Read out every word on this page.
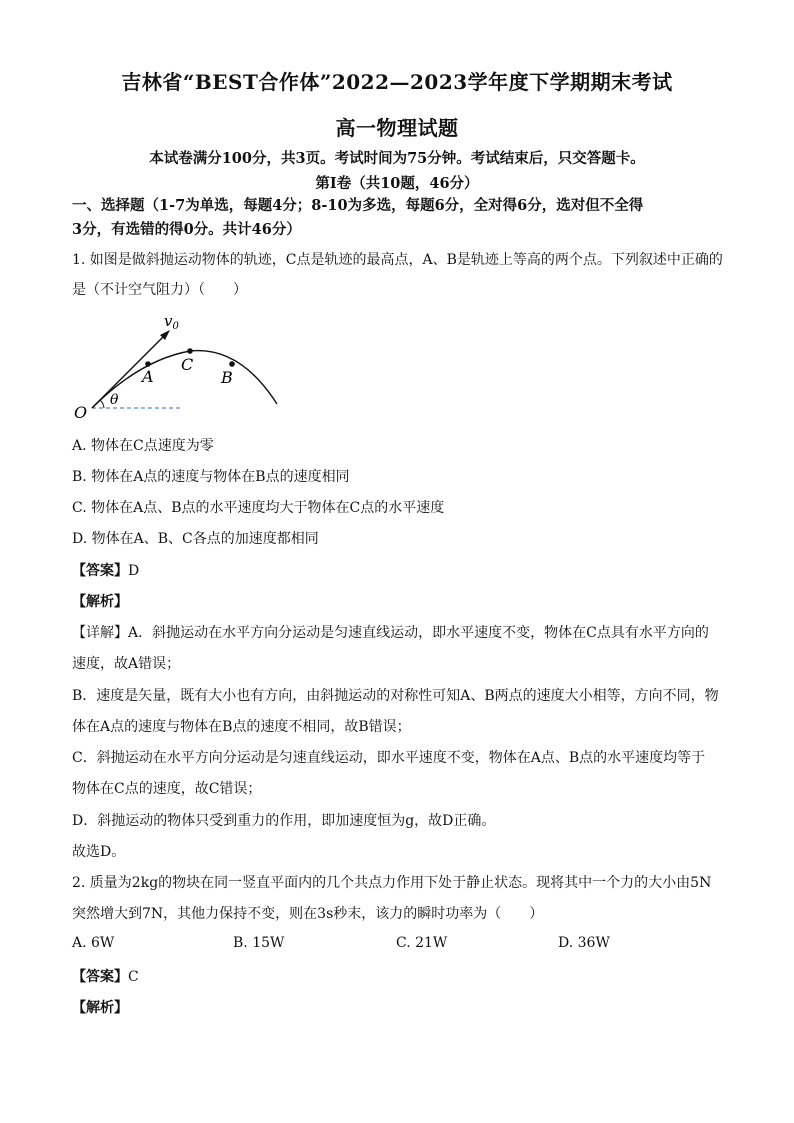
吉林省“BEST合作体”2022—2023学年度下学期期末考试
高一物理试题
本试卷满分100分，共3页。考试时间为75分钟。考试结束后，只交答题卡。
第I卷（共10题，46分）
一、选择题（1-7为单选，每题4分；8-10为多选，每题6分，全对得6分，选对但不全得
3分，有选错的得0分。共计46分）
1. 如图是做斜抛运动物体的轨迹，C点是轨迹的最高点，A、B是轨迹上等高的两个点。下列叙述中正确的
是（不计空气阻力）（　　）
$v_0$
A
C
B
O
θ
A. 物体在C点速度为零
B. 物体在A点的速度与物体在B点的速度相同
C. 物体在A点、B点的水平速度均大于物体在C点的水平速度
D. 物体在A、B、C各点的加速度都相同
【答案】D
【解析】
【详解】A．斜抛运动在水平方向分运动是匀速直线运动，即水平速度不变，物体在C点具有水平方向的
速度，故A错误；
B．速度是矢量，既有大小也有方向，由斜抛运动的对称性可知A、B两点的速度大小相等，方向不同，物
体在A点的速度与物体在B点的速度不相同，故B错误；
C．斜抛运动在水平方向分运动是匀速直线运动，即水平速度不变，物体在A点、B点的水平速度均等于
物体在C点的速度，故C错误；
D．斜抛运动的物体只受到重力的作用，即加速度恒为g，故D正确。
故选D。
2. 质量为2kg的物块在同一竖直平面内的几个共点力作用下处于静止状态。现将其中一个力的大小由5N
突然增大到7N，其他力保持不变，则在3s秒末，该力的瞬时功率为（　　）
A. 6W	B. 15W	C. 21W	D. 36W
【答案】C
【解析】
